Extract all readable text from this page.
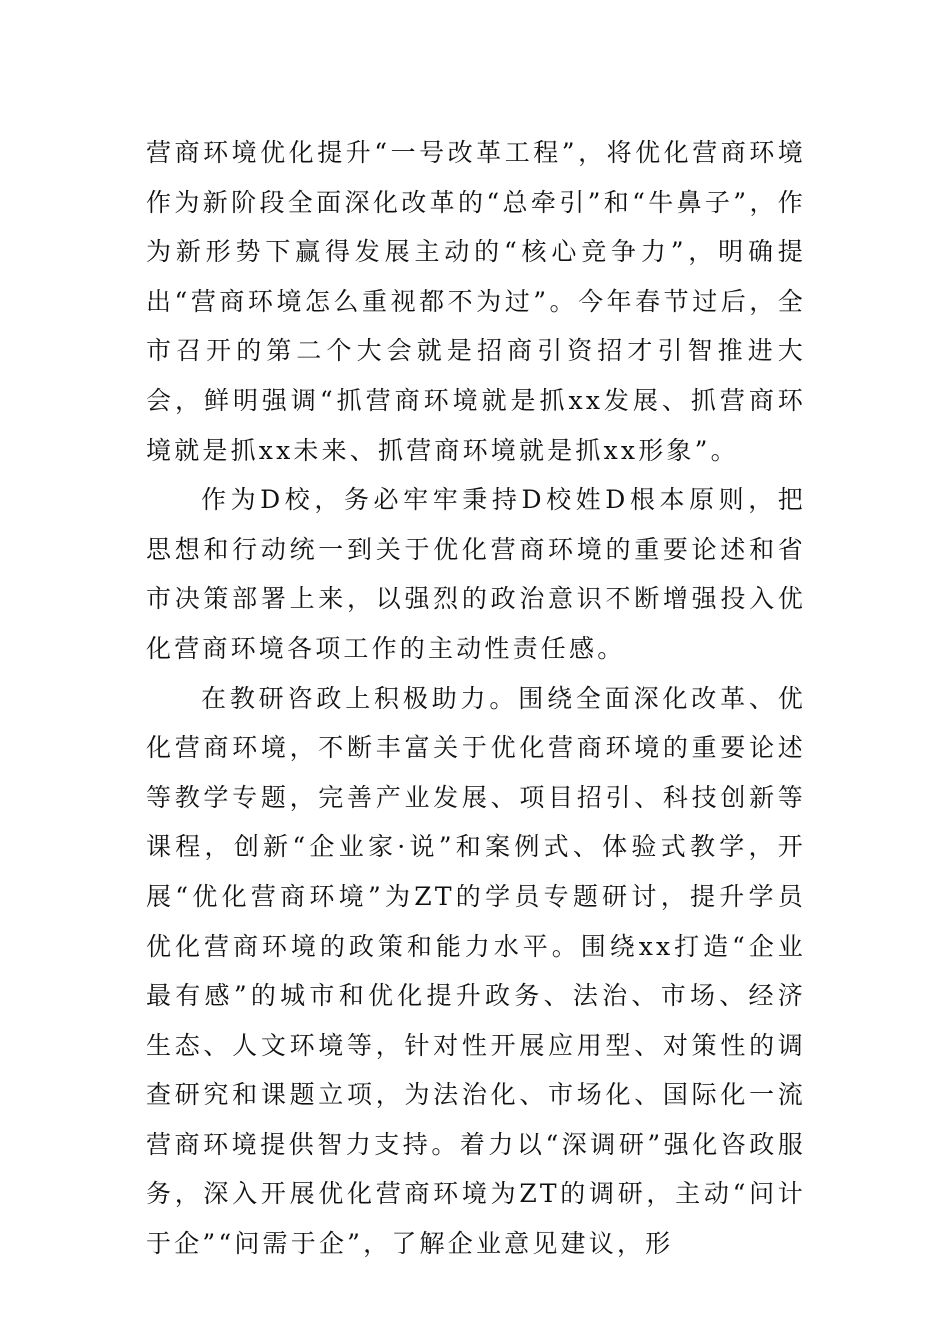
营商环境优化提升“一号改革工程”，将优化营商环境作为新阶段全面深化改革的“总牵引”和“牛鼻子”，作为新形势下赢得发展主动的“核心竞争力”，明确提出“营商环境怎么重视都不为过”。今年春节过后，全市召开的第二个大会就是招商引资招才引智推进大会，鲜明强调“抓营商环境就是抓xx发展、抓营商环境就是抓xx未来、抓营商环境就是抓xx形象”。

作为D校，务必牢牢秉持D校姓D根本原则，把思想和行动统一到关于优化营商环境的重要论述和省市决策部署上来，以强烈的政治意识不断增强投入优化营商环境各项工作的主动性责任感。

在教研咨政上积极助力。围绕全面深化改革、优化营商环境，不断丰富关于优化营商环境的重要论述等教学专题，完善产业发展、项目招引、科技创新等课程，创新“企业家·说”和案例式、体验式教学，开展“优化营商环境”为ZT的学员专题研讨，提升学员优化营商环境的政策和能力水平。围绕xx打造“企业最有感”的城市和优化提升政务、法治、市场、经济生态、人文环境等，针对性开展应用型、对策性的调查研究和课题立项，为法治化、市场化、国际化一流营商环境提供智力支持。着力以“深调研”强化咨政服务，深入开展优化营商环境为ZT的调研，主动“问计于企”“问需于企”，了解企业意见建议，形
